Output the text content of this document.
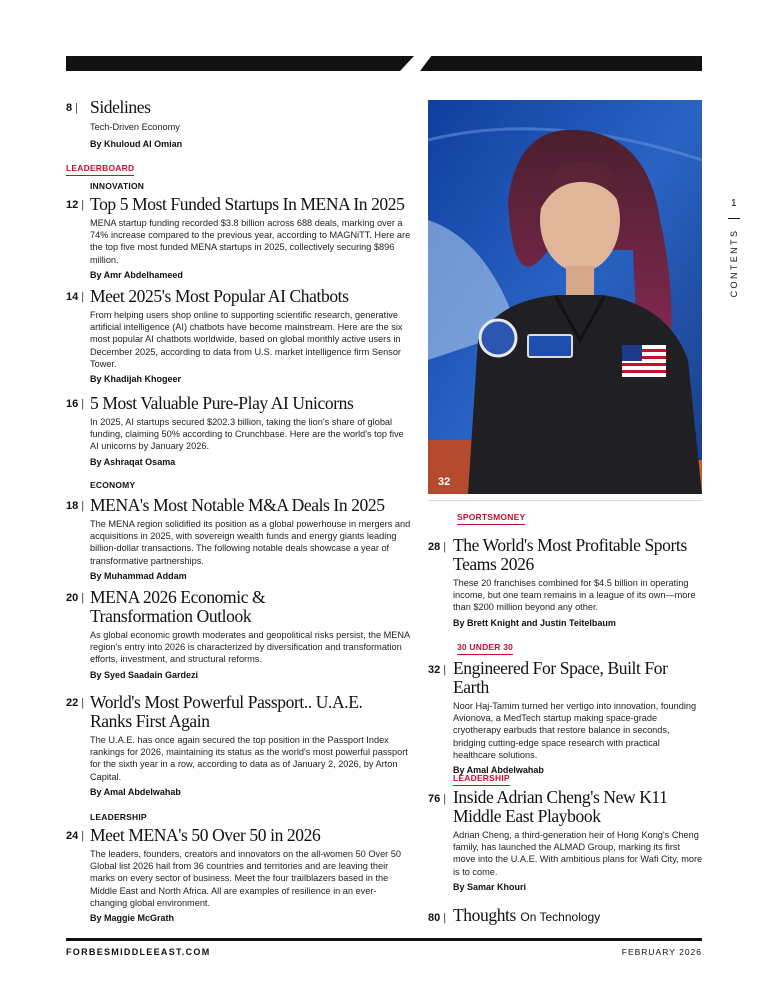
8 |	Sidelines
Tech-Driven Economy
By Khuloud Al Omian
LEADERBOARD
INNOVATION
12 | Top 5 Most Funded Startups In MENA In 2025
MENA startup funding recorded $3.8 billion across 688 deals, marking over a 74% increase compared to the previous year, according to MAGNiTT. Here are the top five most funded MENA startups in 2025, collectively securing $896 million.
By Amr Abdelhameed
14 | Meet 2025's Most Popular AI Chatbots
From helping users shop online to supporting scientific research, generative artificial intelligence (AI) chatbots have become mainstream. Here are the six most popular AI chatbots worldwide, based on global monthly active users in December 2025, according to data from U.S. market intelligence firm Sensor Tower.
By Khadijah Khogeer
16 | 5 Most Valuable Pure-Play AI Unicorns
In 2025, AI startups secured $202.3 billion, taking the lion's share of global funding, claiming 50% according to Crunchbase. Here are the world's top five AI unicorns by January 2026.
By Ashraqat Osama
ECONOMY
18 | MENA's Most Notable M&A Deals In 2025
The MENA region solidified its position as a global powerhouse in mergers and acquisitions in 2025, with sovereign wealth funds and energy giants leading billion-dollar transactions. The following notable deals showcase a year of transformative partnerships.
By Muhammad Addam
20 | MENA 2026 Economic & Transformation Outlook
As global economic growth moderates and geopolitical risks persist, the MENA region's entry into 2026 is characterized by diversification and transformation efforts, investment, and structural reforms.
By Syed Saadain Gardezi
22 | World's Most Powerful Passport.. U.A.E. Ranks First Again
The U.A.E. has once again secured the top position in the Passport Index rankings for 2026, maintaining its status as the world's most powerful passport for the sixth year in a row, according to data as of January 2, 2026, by Arton Capital.
By Amal Abdelwahab
LEADERSHIP
24 | Meet MENA's 50 Over 50 in 2026
The leaders, founders, creators and innovators on the all-women 50 Over 50 Global list 2026 hail from 36 countries and territories and are leaving their marks on every sector of business. Meet the four trailblazers based in the Middle East and North Africa. All are examples of resilience in an ever-changing global environment.
By Maggie McGrath
32
SPORTSMONEY
28 | The World's Most Profitable Sports Teams 2026
These 20 franchises combined for $4.5 billion in operating income, but one team remains in a league of its own—more than $200 million beyond any other.
By Brett Knight and Justin Teitelbaum
30 UNDER 30
32 | Engineered For Space, Built For Earth
Noor Haj-Tamim turned her vertigo into innovation, founding Avionova, a MedTech startup making space-grade cryotherapy earbuds that restore balance in seconds, bridging cutting-edge space research with practical healthcare solutions.
By Amal Abdelwahab
LEADERSHIP
76 | Inside Adrian Cheng's New K11 Middle East Playbook
Adrian Cheng, a third-generation heir of Hong Kong's Cheng family, has launched the ALMAD Group, marking its first move into the U.A.E. With ambitious plans for Wafi City, more is to come.
By Samar Khouri
80 | Thoughts On Technology
1
CONTENTS
FORBESMIDDLEEAST.COM	FEBRUARY 2026
